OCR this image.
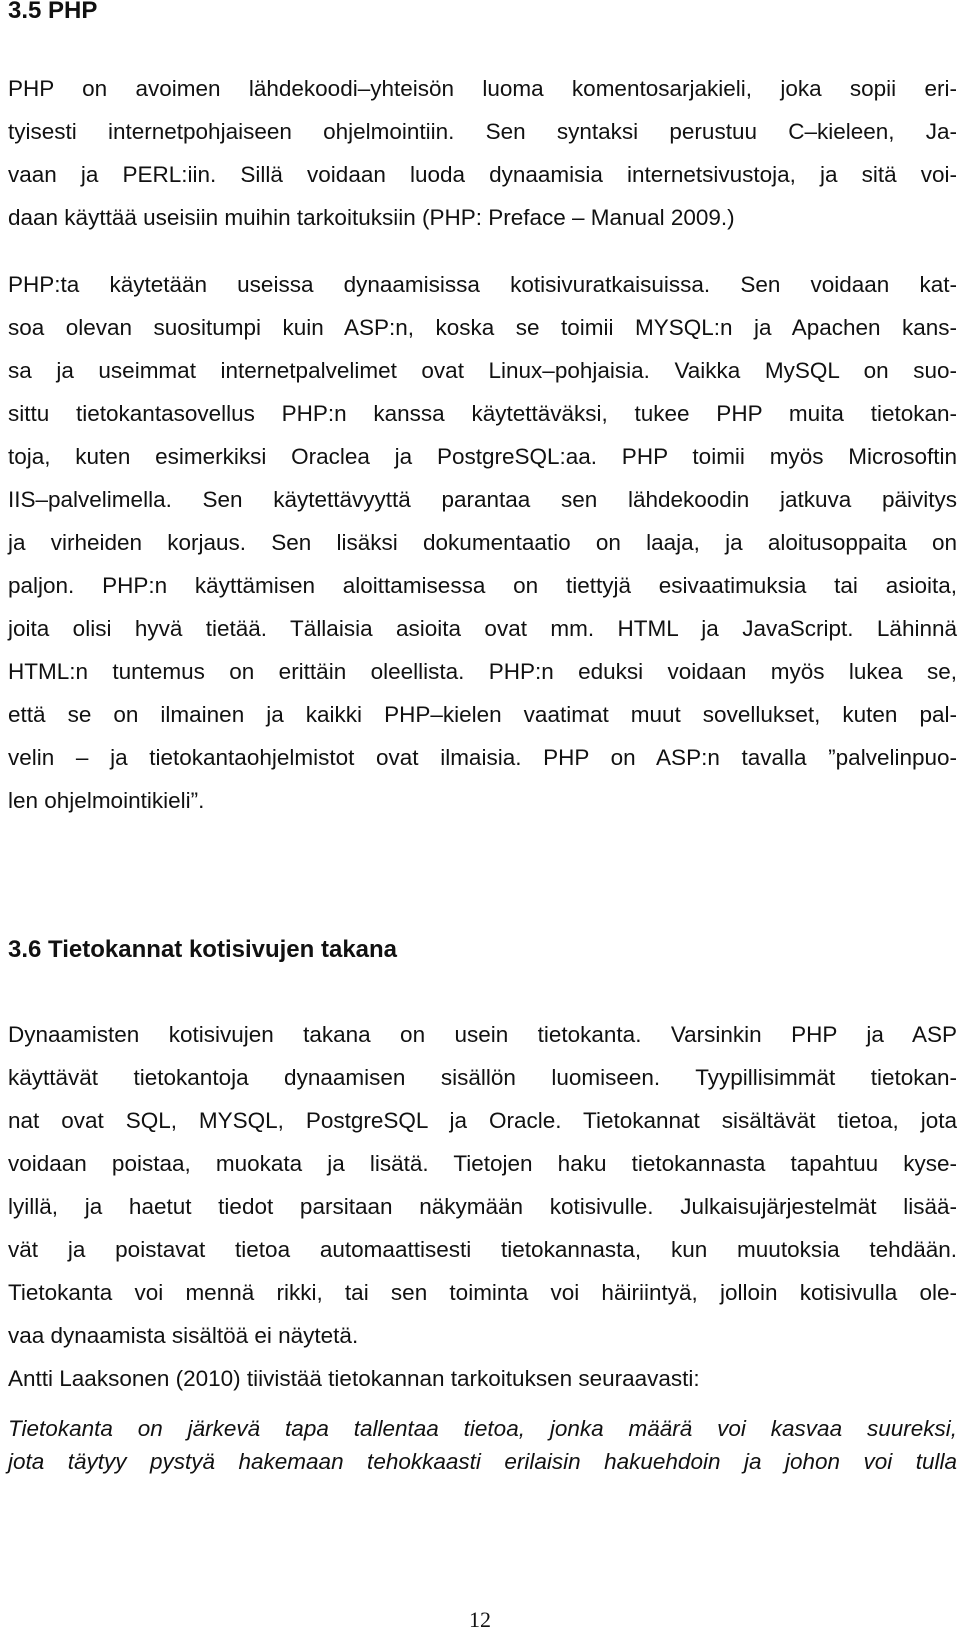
3.5 PHP
PHP on avoimen lähdekoodi–yhteisön luoma komentosarjakieli, joka sopii eri-
tyisesti internetpohjaiseen ohjelmointiin. Sen syntaksi perustuu C–kieleen, Ja-
vaan ja PERL:iin. Sillä voidaan luoda dynaamisia internetsivustoja, ja sitä voi-
daan käyttää useisiin muihin tarkoituksiin (PHP: Preface – Manual 2009.)
PHP:ta käytetään useissa dynaamisissa kotisivuratkaisuissa. Sen voidaan kat-
soa olevan suositumpi kuin ASP:n, koska se toimii MYSQL:n ja Apachen kans-
sa ja useimmat internetpalvelimet ovat Linux–pohjaisia. Vaikka MySQL on suo-
sittu tietokantasovellus PHP:n kanssa käytettäväksi, tukee PHP muita tietokan-
toja, kuten esimerkiksi Oraclea ja PostgreSQL:aa. PHP toimii myös Microsoftin
IIS–palvelimella. Sen käytettävyyttä parantaa sen lähdekoodin jatkuva päivitys
ja virheiden korjaus. Sen lisäksi dokumentaatio on laaja, ja aloitusoppaita on
paljon. PHP:n käyttämisen aloittamisessa on tiettyjä esivaatimuksia tai asioita,
joita olisi hyvä tietää. Tällaisia asioita ovat mm. HTML ja JavaScript. Lähinnä
HTML:n tuntemus on erittäin oleellista. PHP:n eduksi voidaan myös lukea se,
että se on ilmainen ja kaikki PHP–kielen vaatimat muut sovellukset, kuten pal-
velin – ja tietokantaohjelmistot ovat ilmaisia. PHP on ASP:n tavalla ”palvelinpuo-
len ohjelmointikieli”.
3.6 Tietokannat kotisivujen takana
Dynaamisten kotisivujen takana on usein tietokanta. Varsinkin PHP ja ASP
käyttävät tietokantoja dynaamisen sisällön luomiseen. Tyypillisimmät tietokan-
nat ovat SQL, MYSQL, PostgreSQL ja Oracle. Tietokannat sisältävät tietoa, jota
voidaan poistaa, muokata ja lisätä. Tietojen haku tietokannasta tapahtuu kyse-
lyillä, ja haetut tiedot parsitaan näkymään kotisivulle. Julkaisujärjestelmät lisää-
vät ja poistavat tietoa automaattisesti tietokannasta, kun muutoksia tehdään.
Tietokanta voi mennä rikki, tai sen toiminta voi häiriintyä, jolloin kotisivulla ole-
vaa dynaamista sisältöä ei näytetä.
Antti Laaksonen (2010) tiivistää tietokannan tarkoituksen seuraavasti:
Tietokanta on järkevä tapa tallentaa tietoa, jonka määrä voi kasvaa suureksi,
jota täytyy pystyä hakemaan tehokkaasti erilaisin hakuehdoin ja johon voi tulla
12
